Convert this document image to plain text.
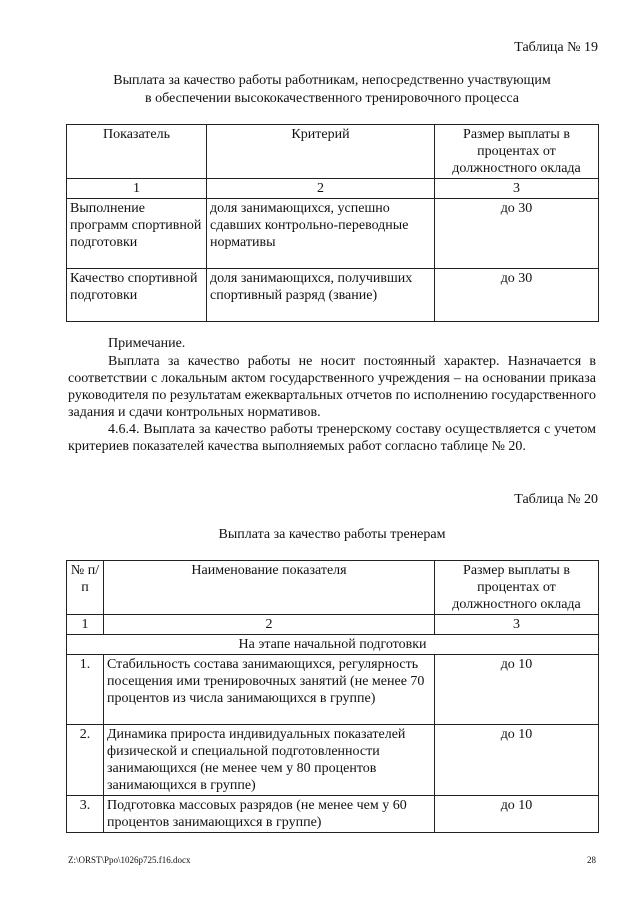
Таблица № 19
Выплата за качество работы работникам, непосредственно участвующим
в обеспечении высококачественного тренировочного процесса
Показатель	Критерий	Размер выплаты в процентах от должностного оклада
1	2	3
Выполнение программ спортивной подготовки	доля занимающихся, успешно сдавших контрольно-переводные нормативы	до 30
Качество спортивной подготовки	доля занимающихся, получивших спортивный разряд (звание)	до 30
Примечание.
Выплата за качество работы не носит постоянный характер. Назначается в соответствии с локальным актом государственного учреждения – на основании приказа руководителя по результатам ежеквартальных отчетов по исполнению государственного задания и сдачи контрольных нормативов.
4.6.4. Выплата за качество работы тренерскому составу осуществляется с учетом критериев показателей качества выполняемых работ согласно таблице № 20.
Таблица № 20
Выплата за качество работы тренерам
№ п/п	Наименование показателя	Размер выплаты в процентах от должностного оклада
1	2	3
На этапе начальной подготовки		
1.	Стабильность состава занимающихся, регулярность посещения ими тренировочных занятий (не менее 70 процентов из числа занимающихся в группе)	до 10
2.	Динамика прироста индивидуальных показателей физической и специальной подготовленности занимающихся (не менее чем у 80 процентов занимающихся в группе)	до 10
3.	Подготовка массовых разрядов (не менее чем у 60 процентов занимающихся в группе)	до 10
Z:\ORST\Ppo\1026p725.f16.docx	28
